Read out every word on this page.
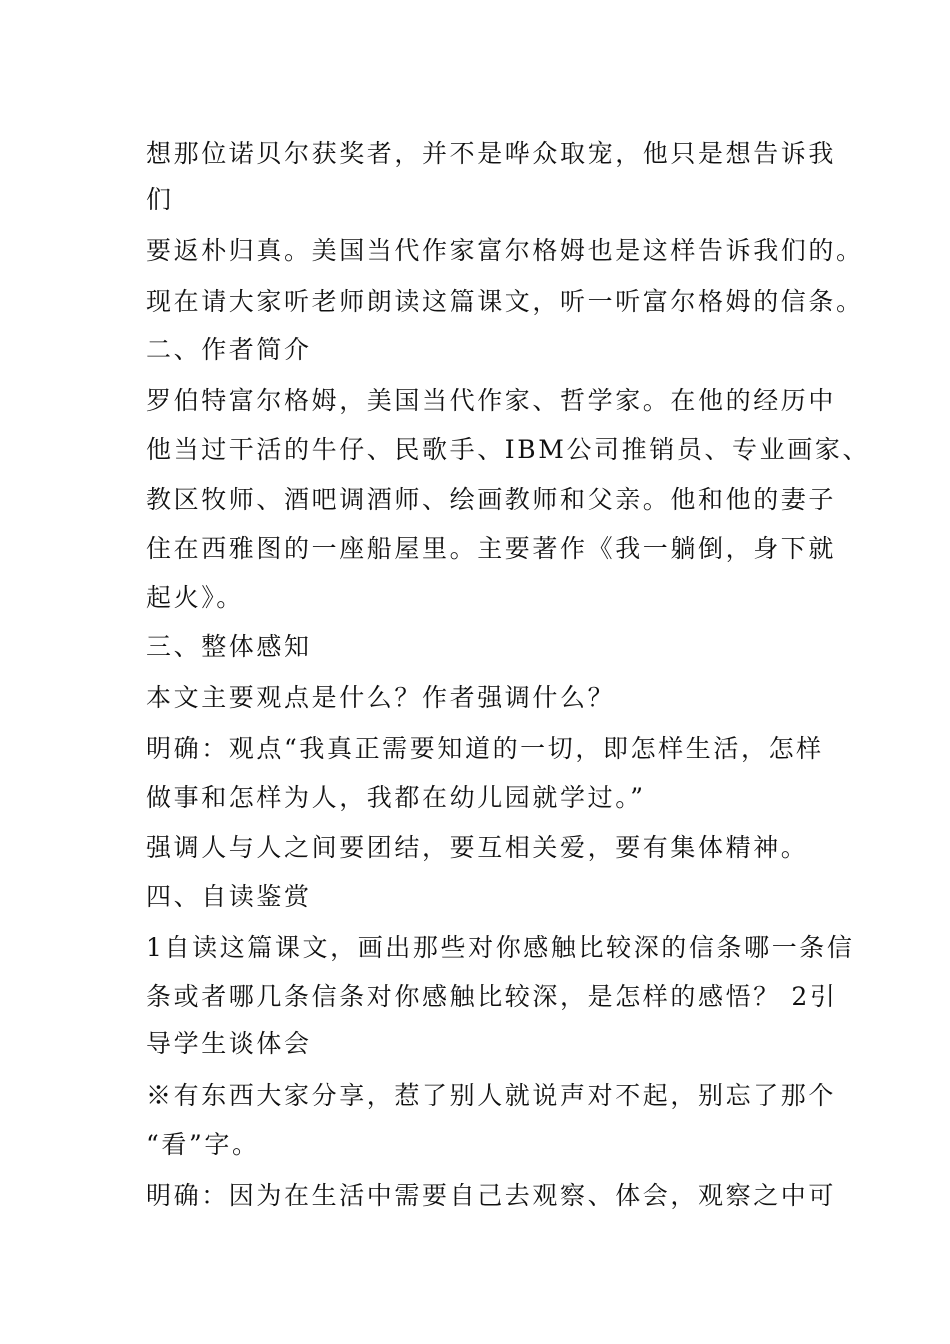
想那位诺贝尔获奖者，并不是哗众取宠，他只是想告诉我
们
要返朴归真。美国当代作家富尔格姆也是这样告诉我们的。
现在请大家听老师朗读这篇课文，听一听富尔格姆的信条。
二、作者简介
罗伯特富尔格姆，美国当代作家、哲学家。在他的经历中
他当过干活的牛仔、民歌手、IBM公司推销员、专业画家、
教区牧师、酒吧调酒师、绘画教师和父亲。他和他的妻子
住在西雅图的一座船屋里。主要著作《我一躺倒，身下就
起火》。
三、整体感知
本文主要观点是什么？作者强调什么？
明确：观点“我真正需要知道的一切，即怎样生活，怎样
做事和怎样为人，我都在幼儿园就学过。”
强调人与人之间要团结，要互相关爱，要有集体精神。
四、自读鉴赏
1自读这篇课文，画出那些对你感触比较深的信条哪一条信
条或者哪几条信条对你感触比较深，是怎样的感悟？ 2引
导学生谈体会
※有东西大家分享，惹了别人就说声对不起，别忘了那个
“看”字。
明确：因为在生活中需要自己去观察、体会，观察之中可
